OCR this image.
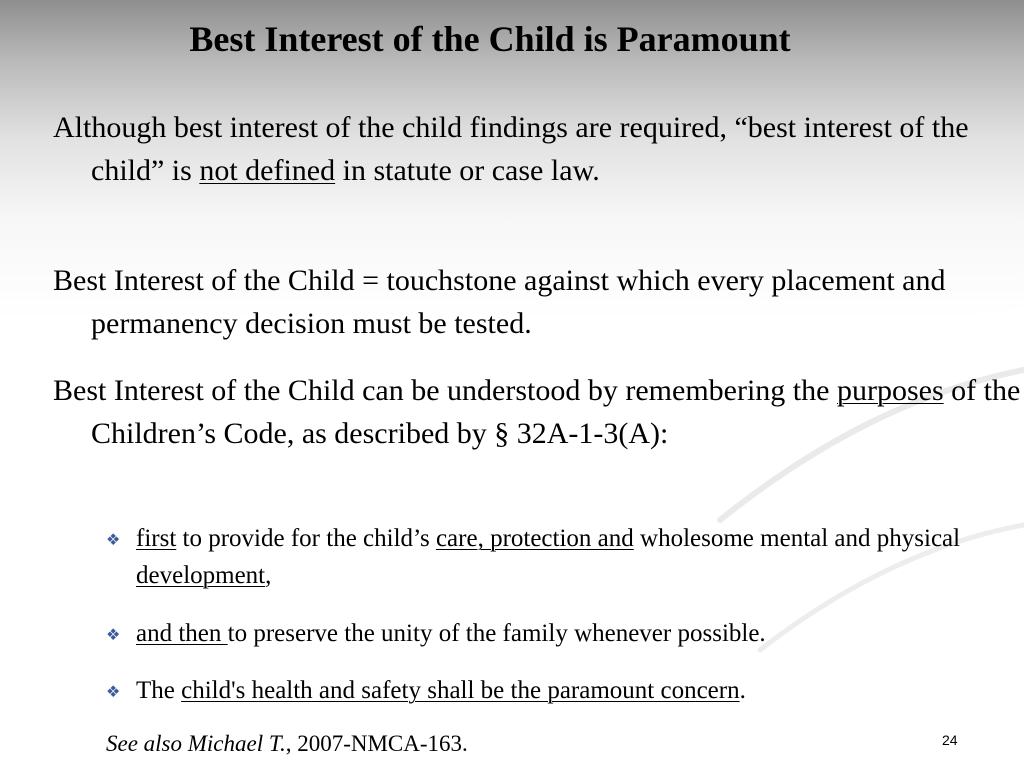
Best Interest of the Child is Paramount

Although best interest of the child findings are required, “best interest of the child” is not defined in statute or case law.

Best Interest of the Child = touchstone against which every placement and permanency decision must be tested.

Best Interest of the Child can be understood by remembering the purposes of the Children’s Code, as described by § 32A-1-3(A):

❖ first to provide for the child’s care, protection and wholesome mental and physical development,

❖ and then to preserve the unity of the family whenever possible.

❖ The child's health and safety shall be the paramount concern.

See also Michael T., 2007-NMCA-163.	24
